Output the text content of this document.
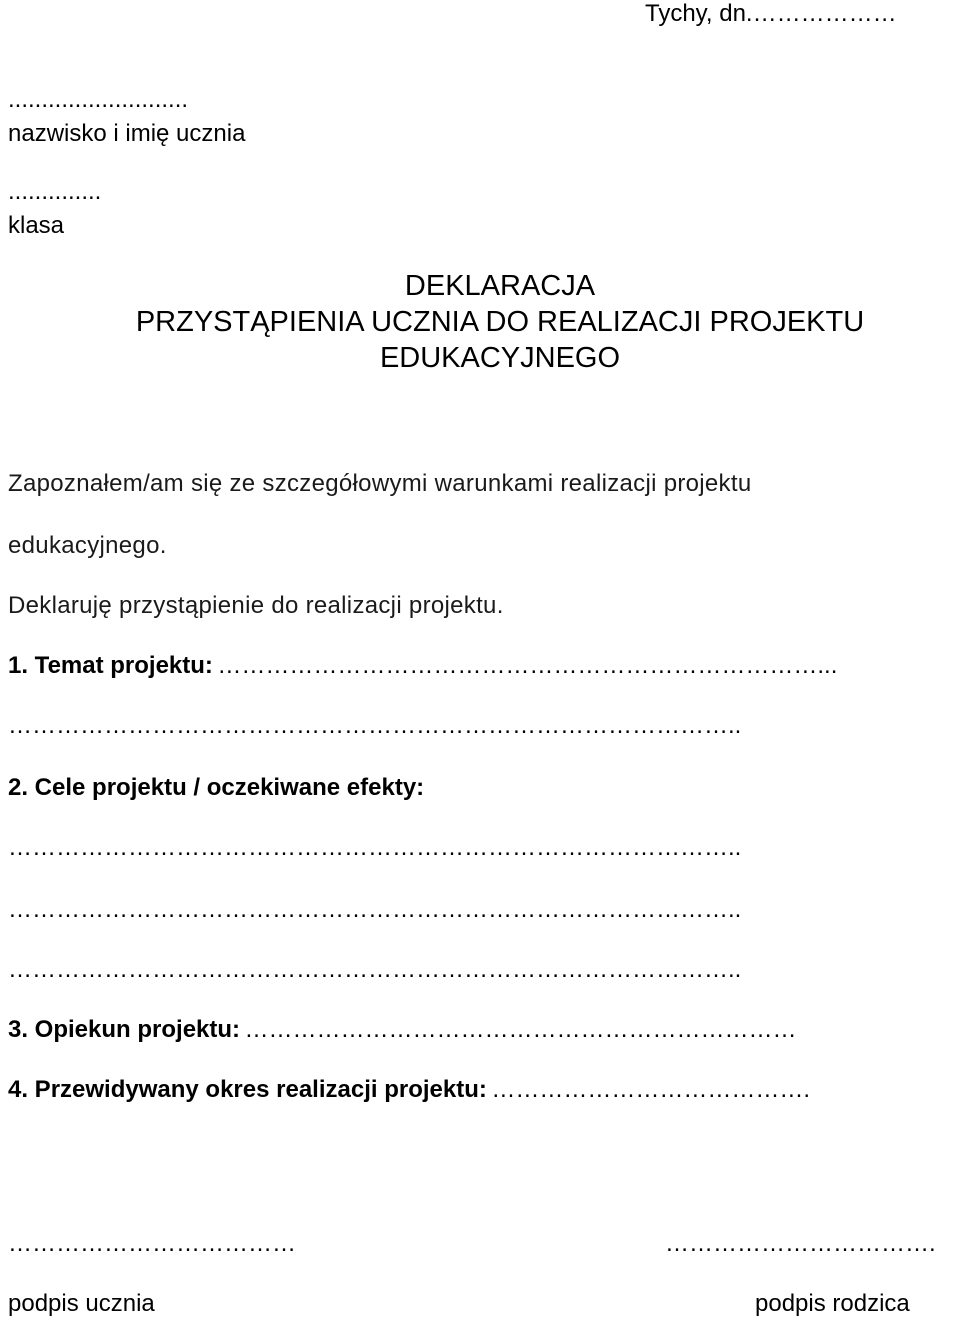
Tychy, dn.………………
...........................
nazwisko i imię ucznia
..............
klasa
DEKLARACJA
PRZYSTĄPIENIA UCZNIA DO REALIZACJI PROJEKTU
EDUKACYJNEGO
Zapoznałem/am się ze szczegółowymi warunkami realizacji projektu
edukacyjnego.
Deklaruję przystąpienie do realizacji projektu.
1. Temat projektu: …………………………………………………………………...
………………………………………………………………………………..
2. Cele projektu / oczekiwane efekty:
………………………………………………………………………………..
………………………………………………………………………………..
………………………………………………………………………………..
3. Opiekun projektu: ……………………………………………………………
4. Przewidywany okres realizacji projektu: ………………………………….
………………………………
podpis ucznia
…………………………….
podpis rodzica
